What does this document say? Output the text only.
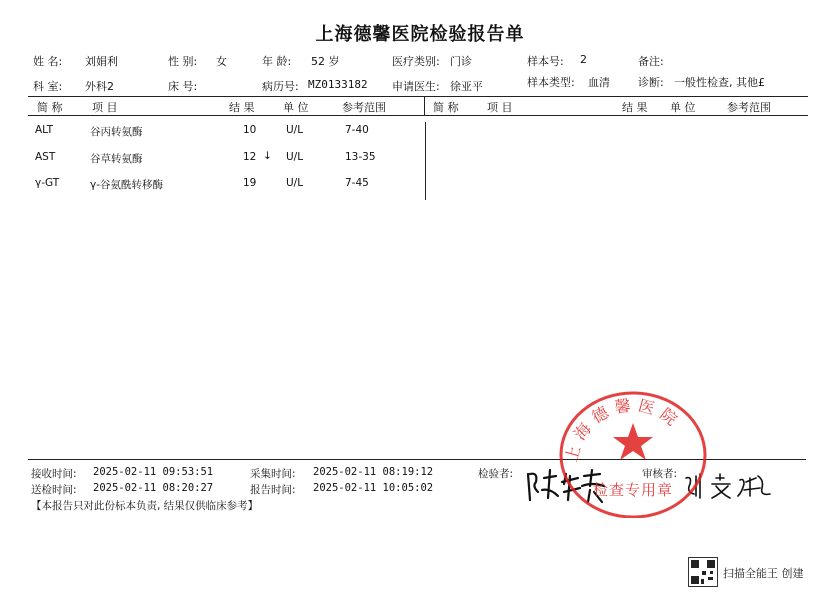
上海德馨医院检验报告单
姓 名: 刘娟利	性 别: 女	年 龄: 52 岁	医疗类别: 门诊	样本号: 2	备注:
科 室: 外科2	床 号:	病历号: MZ0133182 申请医生: 徐亚平	样本类型: 血清	诊断: 一般性检查, 其他£
简 称	项 目	结 果	单 位	参考范围	简 称	项 目	结 果 单 位	参考范围
ALT	谷丙转氨酶	10	U/L	7-40
AST	谷草转氨酶	12 ↓ U/L	13-35
γ-GT	γ-谷氨酰转移酶	19	U/L	7-45
接收时间: 2025-02-11 09:53:51	采集时间: 2025-02-11 08:19:12
送检时间: 2025-02-11 08:20:27	报告时间: 2025-02-11 10:05:02
【本报告只对此份标本负责, 结果仅供临床参考】
检验者:	审核者:
上海德馨医院
检查专用章
扫描全能王 创建
